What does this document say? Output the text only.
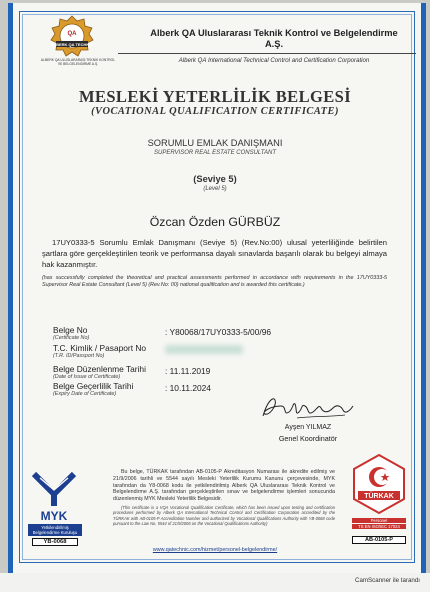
QA
ALBERK QA TECHNIC
ALBERK QA ULUSLARARASI TEKNİK KONTROL VE BELGELENDİRME A.Ş.
Alberk QA Uluslararası Teknik Kontrol ve Belgelendirme
A.Ş.
Alberk QA International Technical Control and Certification Corporation
MESLEKİ YETERLİLİK BELGESİ
(VOCATIONAL QUALIFICATION CERTIFICATE)
SORUMLU EMLAK DANIŞMANI
SUPERVISOR REAL ESTATE CONSULTANT
(Seviye 5)
(Level 5)
Özcan Özden GÜRBÜZ
17UY0333-5 Sorumlu Emlak Danışmanı (Seviye 5) (Rev.No:00) ulusal yeterliliğinde belirtilen şartlara göre gerçekleştirilen teorik ve performansa dayalı sınavlarda başarılı olarak bu belgeyi almaya hak kazanmıştır.
(has successfully completed the theoretical and practical assessments performed in accordance with requirements in the 17UY0333-5 Supervisor Real Estate Consultant (Level 5) (Rev.No: 00) national qualification and is awarded this certificate.)
Belge No
(Certificate No)
: Y80068/17UY0333-5/00/96
T.C. Kimlik / Pasaport No
(T.R. ID/Passport No)
Belge Düzenlenme Tarihi
(Date of Issue of Certificate)
: 11.11.2019
Belge Geçerlilik Tarihi
(Expiry Date of Certificate)
: 10.11.2024
Ayşen YILMAZ
Genel Koordinatör
MYK
Yetkilendirilmiş Belgelendirme Kuruluşu
YB-0068
Bu belge, TÜRKAK tarafından AB-0105-P Akreditasyon Numarası ile akredite edilmiş ve 21/9/2006 tarihli ve 5544 sayılı Mesleki Yeterlilik Kurumu Kanunu çerçevesinde, MYK tarafından da Y8-0068 kodu ile yetkilendirilmiş Alberk QA Uluslararası Teknik Kontrol ve Belgelendirme A.Ş. tarafından gerçekleştirilen sınav ve belgelendirme işlemleri sonucunda düzenlenmiş MYK Mesleki Yeterlilik Belgesidir.
(This certificate is a VQA Vocational Qualification Certificate, which has been issued upon testing and certification procedures performed by Alberk QA International Technical Control and Certification Corporation accredited by the TÜRKAK with AB-0105-P Accreditation Number and authorized by Vocational Qualifications Authority with YB-0068 code pursuant to the Law No. 5544 of 21/9/2006 on the Vocational Qualifications Authority)
www.qatechnic.com/hizmet/personel-belgelendirme/
TÜRKAK
Personel
TS EN ISO/IEC 17024
AB-0105-P
CamScanner ile tarandı
